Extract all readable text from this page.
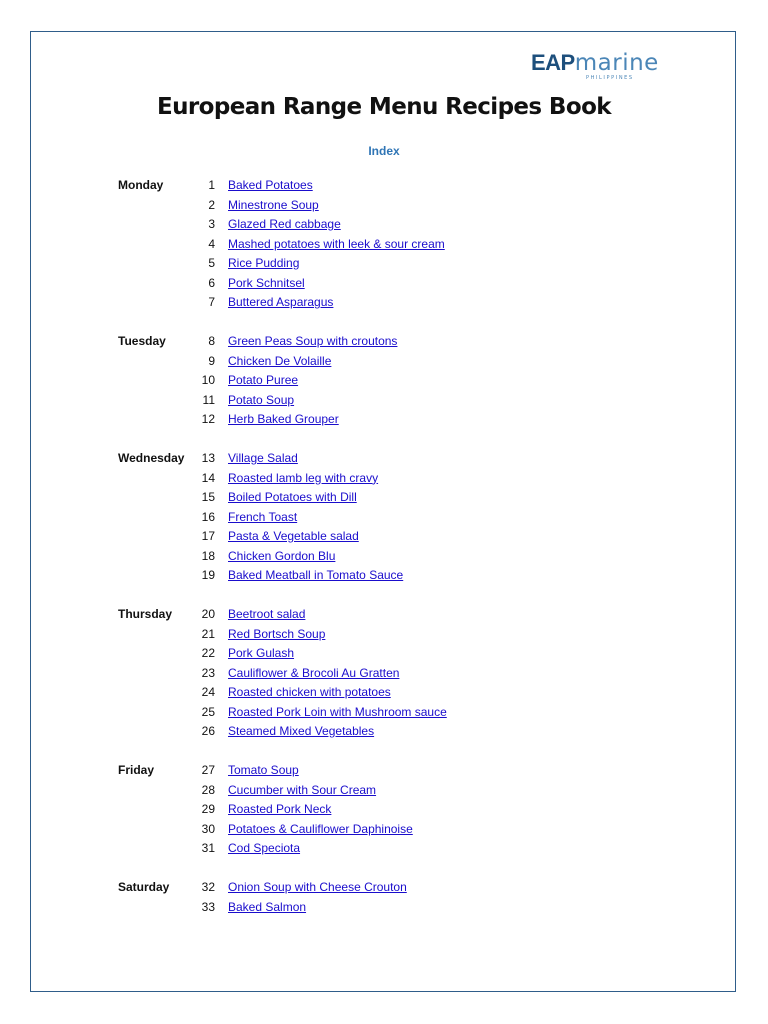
EAPmarine
PHILIPPINES
European Range Menu Recipes Book
Index
Monday	1 Baked Potatoes
2 Minestrone Soup
3 Glazed Red cabbage
4 Mashed potatoes with leek & sour cream
5 Rice Pudding
6 Pork Schnitsel
7 Buttered Asparagus
Tuesday	8 Green Peas Soup with croutons
9 Chicken De Volaille
10 Potato Puree
11 Potato Soup
12 Herb Baked Grouper
Wednesday	13 Village Salad
14 Roasted lamb leg with cravy
15 Boiled Potatoes with Dill
16 French Toast
17 Pasta & Vegetable salad
18 Chicken Gordon Blu
19 Baked Meatball in Tomato Sauce
Thursday	20 Beetroot salad
21 Red Bortsch Soup
22 Pork Gulash
23 Cauliflower & Brocoli Au Gratten
24 Roasted chicken with potatoes
25 Roasted Pork Loin with Mushroom sauce
26 Steamed Mixed Vegetables
Friday	27 Tomato Soup
28 Cucumber with Sour Cream
29 Roasted Pork Neck
30 Potatoes & Cauliflower Daphinoise
31 Cod Speciota
Saturday	32 Onion Soup with Cheese Crouton
33 Baked Salmon
